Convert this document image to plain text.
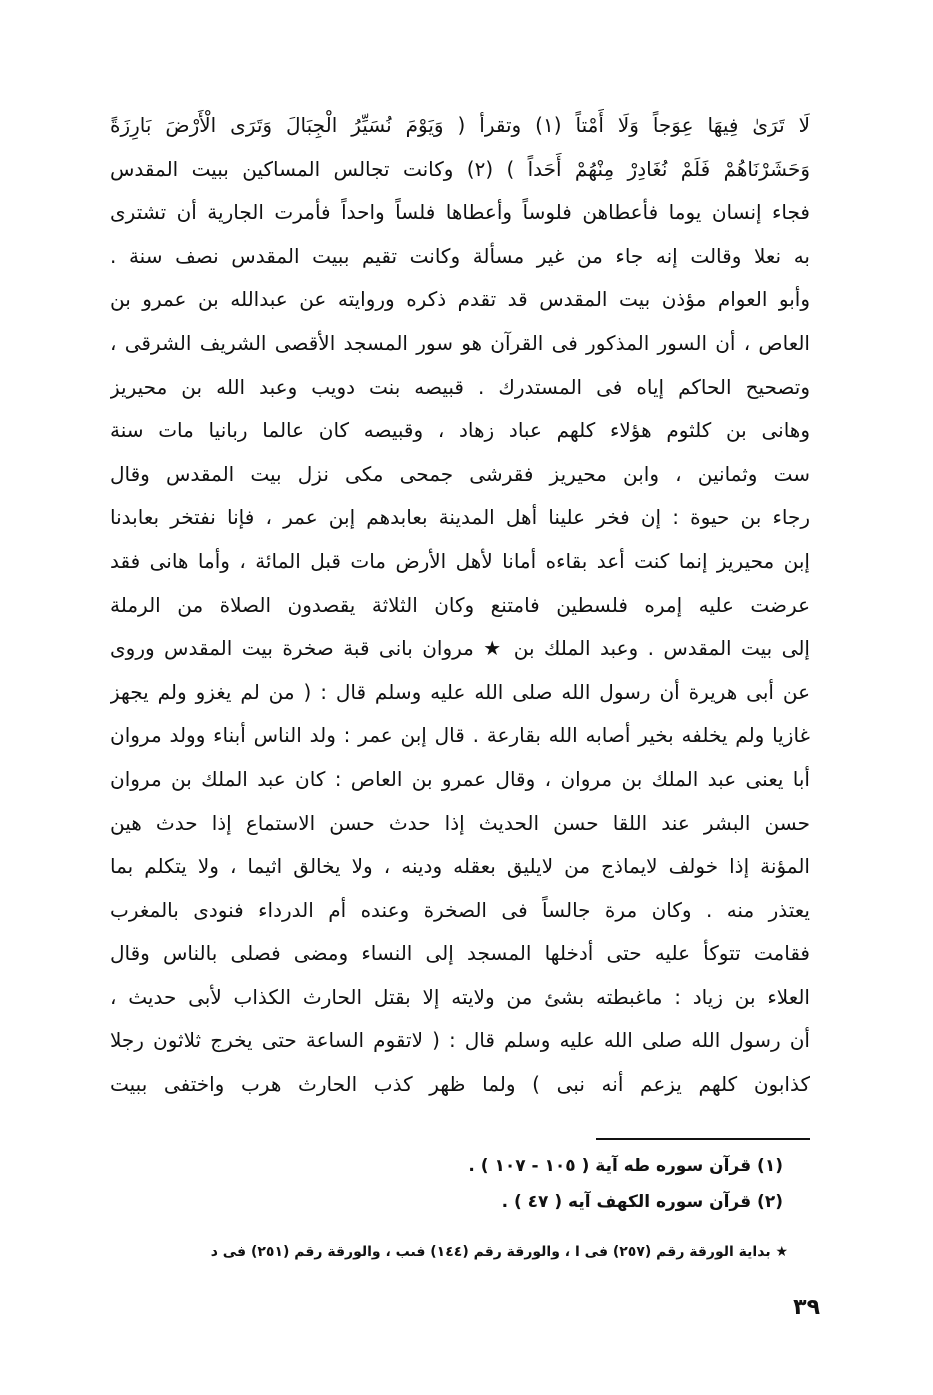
لَا تَرَىٰ فِيهَا عِوَجاً وَلَا أَمْتاً (١) وتقرأ ( وَيَوْمَ نُسَيِّرُ الْجِبَالَ وَتَرَى الْأَرْضَ بَارِزَةً
وَحَشَرْنَاهُمْ فَلَمْ نُغَادِرْ مِنْهُمْ أَحَداً ) (٢) وكانت تجالس المساكين ببيت المقدس
فجاء إنسان يوما فأعطاهن فلوساً وأعطاها فلساً واحداً فأمرت الجارية أن تشترى
به نعلا وقالت إنه جاء من غير مسألة وكانت تقيم ببيت المقدس نصف سنة .
وأبو العوام مؤذن بيت المقدس قد تقدم ذكره وروايته عن عبدالله بن عمرو بن
العاص ، أن السور المذكور فى القرآن هو سور المسجد الأقصى الشريف الشرقى ،
وتصحيح الحاكم إياه فى المستدرك . قبيصه بنت دويب وعبد الله بن محيريز
وهانى بن كلثوم هؤلاء كلهم عباد زهاد ، وقبيصه كان عالما ربانيا مات سنة
ست وثمانين ، وابن محيريز فقرشى جمحى مكى نزل بيت المقدس وقال
رجاء بن حيوة : إن فخر علينا أهل المدينة بعابدهم إبن عمر ، فإنا نفتخر بعابدنا
إبن محيريز إنما كنت أعد بقاءه أمانا لأهل الأرض مات قبل المائة ، وأما هانى فقد
عرضت عليه إمره فلسطين فامتنع وكان الثلاثة يقصدون الصلاة من الرملة
إلى بيت المقدس . وعبد الملك بن ★ مروان بانى قبة صخرة بيت المقدس وروى
عن أبى هريرة أن رسول الله صلى الله عليه وسلم قال : ( من لم يغزو ولم يجهز
غازيا ولم يخلفه بخير أصابه الله بقارعة . قال إبن عمر : ولد الناس أبناء وولد مروان
أبا يعنى عبد الملك بن مروان ، وقال عمرو بن العاص : كان عبد الملك بن مروان
حسن البشر عند اللقا حسن الحديث إذا حدث حسن الاستماع إذا حدث هين
المؤنة إذا خولف لايماذج من لايليق بعقله ودينه ، ولا يخالق اثيما ، ولا يتكلم بما
يعتذر منه . وكان مرة جالساً فى الصخرة وعنده أم الدرداء فنودى بالمغرب
فقامت تتوكأ عليه حتى أدخلها المسجد إلى النساء ومضى فصلى بالناس وقال
العلاء بن زياد : ماغبطته بشئ من ولايته إلا بقتل الحارث الكذاب لأبى حديث ،
أن رسول الله صلى الله عليه وسلم قال : ( لاتقوم الساعة حتى يخرج ثلاثون رجلا
كذابون كلهم يزعم أنه نبى ) ولما ظهر كذب الحارث هرب واختفى ببيت
(١) قرآن سوره طه آية ( ١٠٥ - ١٠٧ ) .
(٢) قرآن سوره الكهف آيه ( ٤٧ ) .
★ بداية الورقة رقم (٢٥٧) فى ا ، والورقة رقم (١٤٤) فىب ، والورقة رقم (٢٥١) فى د
٣٩
